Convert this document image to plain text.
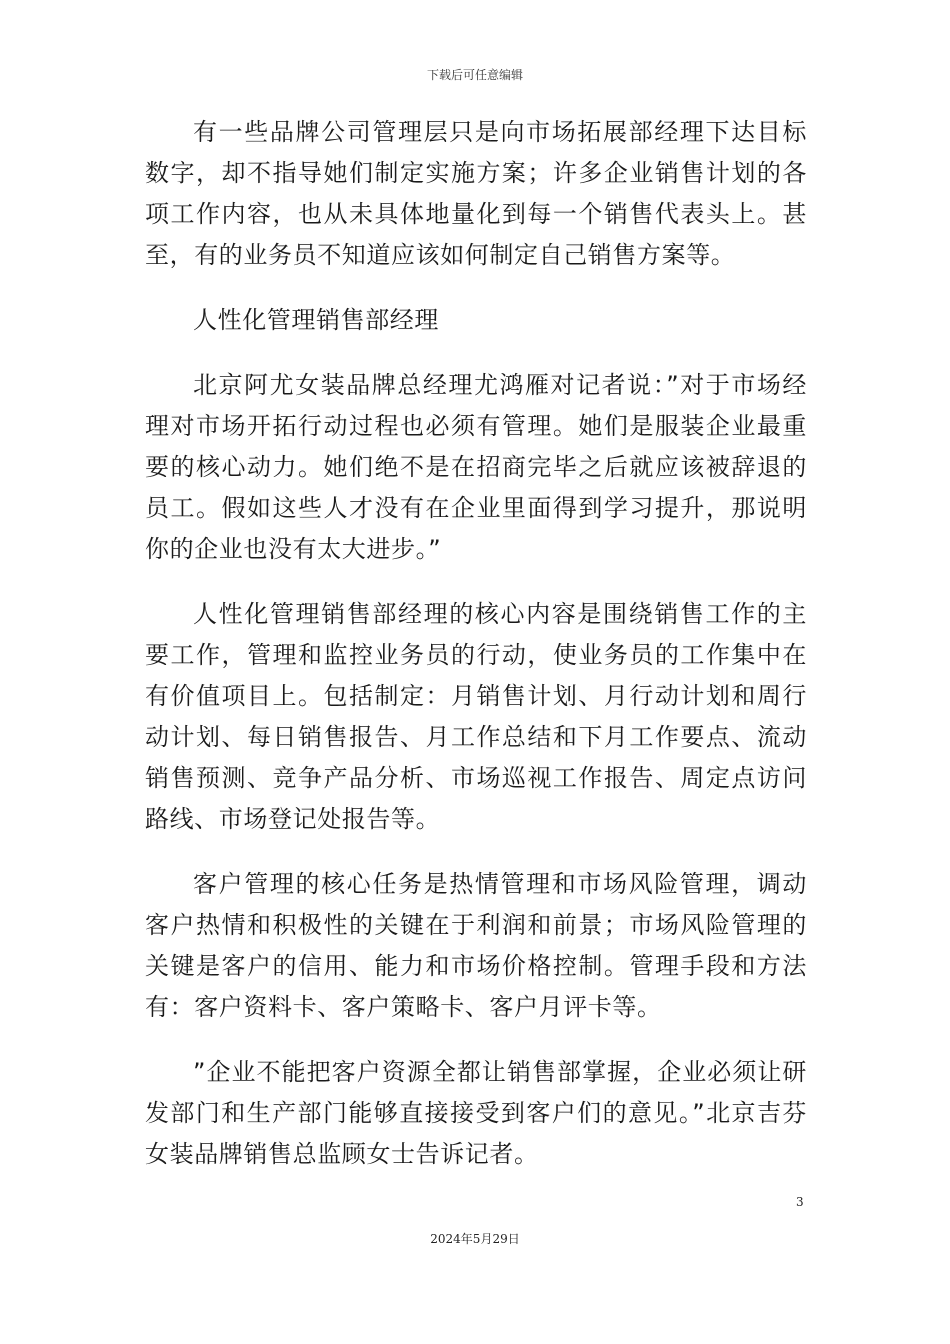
下载后可任意编辑

有一些品牌公司管理层只是向市场拓展部经理下达目标数字，却不指导她们制定实施方案；许多企业销售计划的各项工作内容，也从未具体地量化到每一个销售代表头上。甚至，有的业务员不知道应该如何制定自己销售方案等。

人性化管理销售部经理

北京阿尤女装品牌总经理尤鸿雁对记者说：”对于市场经理对市场开拓行动过程也必须有管理。她们是服装企业最重要的核心动力。她们绝不是在招商完毕之后就应该被辞退的员工。假如这些人才没有在企业里面得到学习提升，那说明你的企业也没有太大进步。”

人性化管理销售部经理的核心内容是围绕销售工作的主要工作，管理和监控业务员的行动，使业务员的工作集中在有价值项目上。包括制定：月销售计划、月行动计划和周行动计划、每日销售报告、月工作总结和下月工作要点、流动销售预测、竞争产品分析、市场巡视工作报告、周定点访问路线、市场登记处报告等。

客户管理的核心任务是热情管理和市场风险管理，调动客户热情和积极性的关键在于利润和前景；市场风险管理的关键是客户的信用、能力和市场价格控制。管理手段和方法有：客户资料卡、客户策略卡、客户月评卡等。

”企业不能把客户资源全都让销售部掌握，企业必须让研发部门和生产部门能够直接接受到客户们的意见。”北京吉芬女装品牌销售总监顾女士告诉记者。

3
2024年5月29日
